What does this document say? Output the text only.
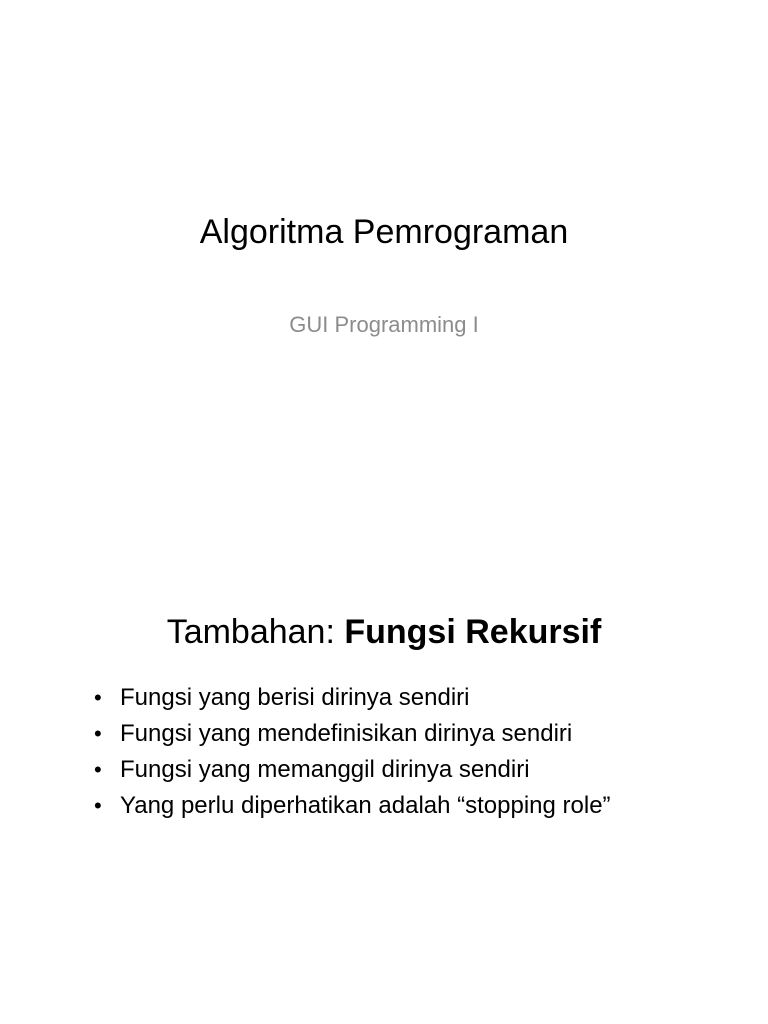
Algoritma Pemrograman

GUI Programming I

Tambahan: Fungsi Rekursif
• Fungsi yang berisi dirinya sendiri
• Fungsi yang mendefinisikan dirinya sendiri
• Fungsi yang memanggil dirinya sendiri
• Yang perlu diperhatikan adalah “stopping role”
